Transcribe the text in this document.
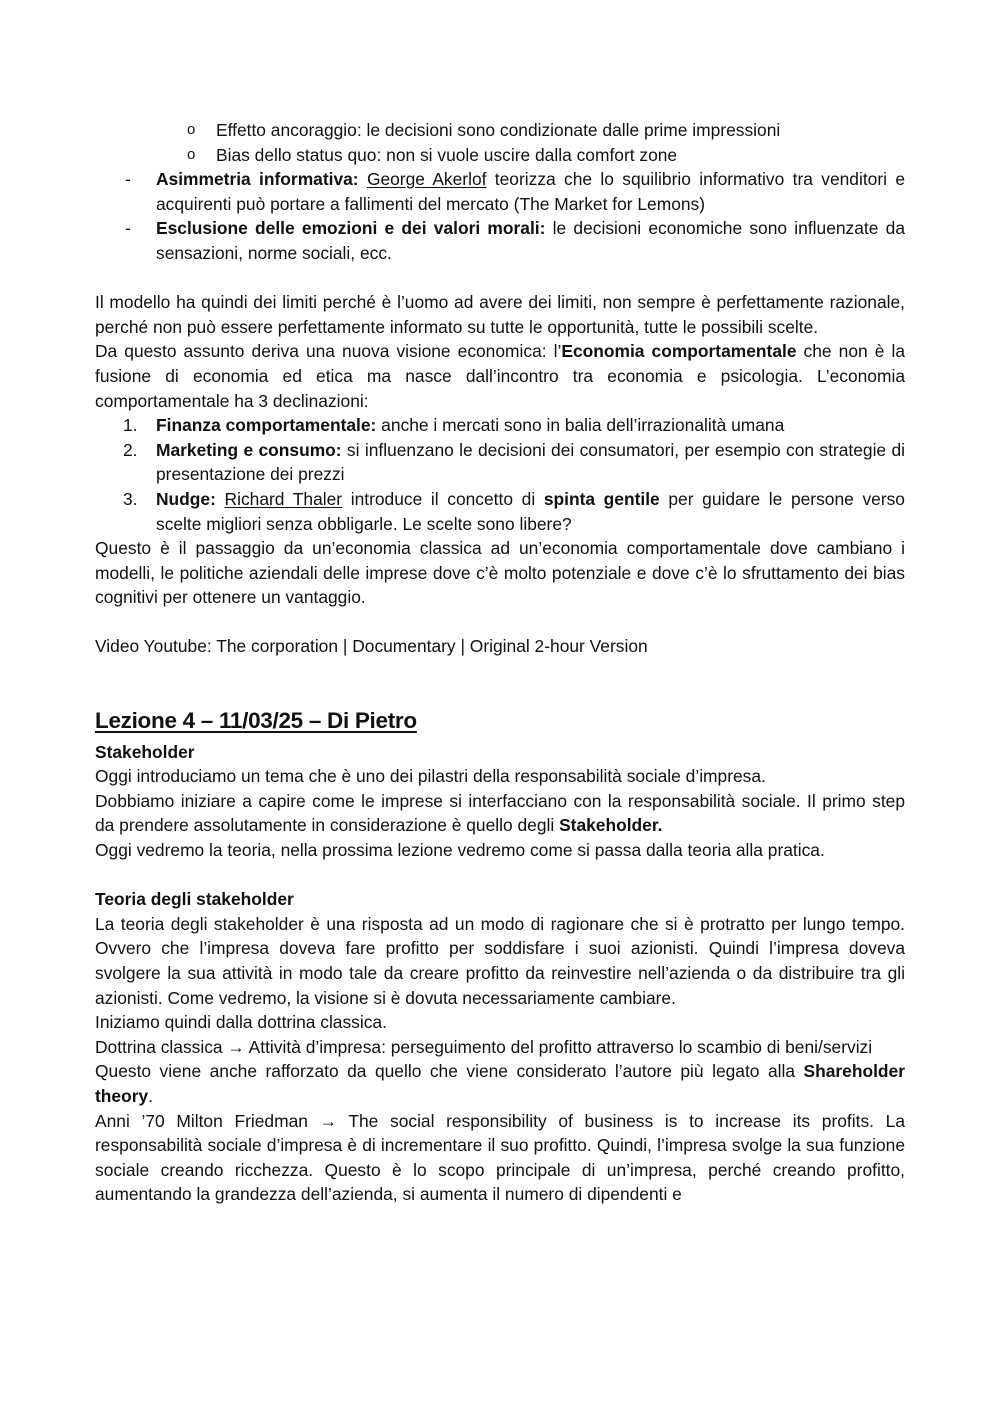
o Effetto ancoraggio: le decisioni sono condizionate dalle prime impressioni
o Bias dello status quo: non si vuole uscire dalla comfort zone
- Asimmetria informativa: George Akerlof teorizza che lo squilibrio informativo tra venditori e acquirenti può portare a fallimenti del mercato (The Market for Lemons)
- Esclusione delle emozioni e dei valori morali: le decisioni economiche sono influenzate da sensazioni, norme sociali, ecc.

Il modello ha quindi dei limiti perché è l’uomo ad avere dei limiti, non sempre è perfettamente razionale, perché non può essere perfettamente informato su tutte le opportunità, tutte le possibili scelte.

Da questo assunto deriva una nuova visione economica: l’Economia comportamentale che non è la fusione di economia ed etica ma nasce dall’incontro tra economia e psicologia. L’economia comportamentale ha 3 declinazioni:

1. Finanza comportamentale: anche i mercati sono in balia dell’irrazionalità umana
2. Marketing e consumo: si influenzano le decisioni dei consumatori, per esempio con strategie di presentazione dei prezzi
3. Nudge: Richard Thaler introduce il concetto di spinta gentile per guidare le persone verso scelte migliori senza obbligarle. Le scelte sono libere?

Questo è il passaggio da un’economia classica ad un’economia comportamentale dove cambiano i modelli, le politiche aziendali delle imprese dove c’è molto potenziale e dove c’è lo sfruttamento dei bias cognitivi per ottenere un vantaggio.

Video Youtube: The corporation | Documentary | Original 2-hour Version

Lezione 4 – 11/03/25 – Di Pietro

Stakeholder

Oggi introduciamo un tema che è uno dei pilastri della responsabilità sociale d’impresa.

Dobbiamo iniziare a capire come le imprese si interfacciano con la responsabilità sociale. Il primo step da prendere assolutamente in considerazione è quello degli Stakeholder.

Oggi vedremo la teoria, nella prossima lezione vedremo come si passa dalla teoria alla pratica.

Teoria degli stakeholder

La teoria degli stakeholder è una risposta ad un modo di ragionare che si è protratto per lungo tempo. Ovvero che l’impresa doveva fare profitto per soddisfare i suoi azionisti. Quindi l’impresa doveva svolgere la sua attività in modo tale da creare profitto da reinvestire nell’azienda o da distribuire tra gli azionisti. Come vedremo, la visione si è dovuta necessariamente cambiare.

Iniziamo quindi dalla dottrina classica.

Dottrina classica → Attività d’impresa: perseguimento del profitto attraverso lo scambio di beni/servizi

Questo viene anche rafforzato da quello che viene considerato l’autore più legato alla Shareholder theory.

Anni ’70 Milton Friedman → The social responsibility of business is to increase its profits. La responsabilità sociale d’impresa è di incrementare il suo profitto. Quindi, l’impresa svolge la sua funzione sociale creando ricchezza. Questo è lo scopo principale di un’impresa, perché creando profitto, aumentando la grandezza dell’azienda, si aumenta il numero di dipendenti e
